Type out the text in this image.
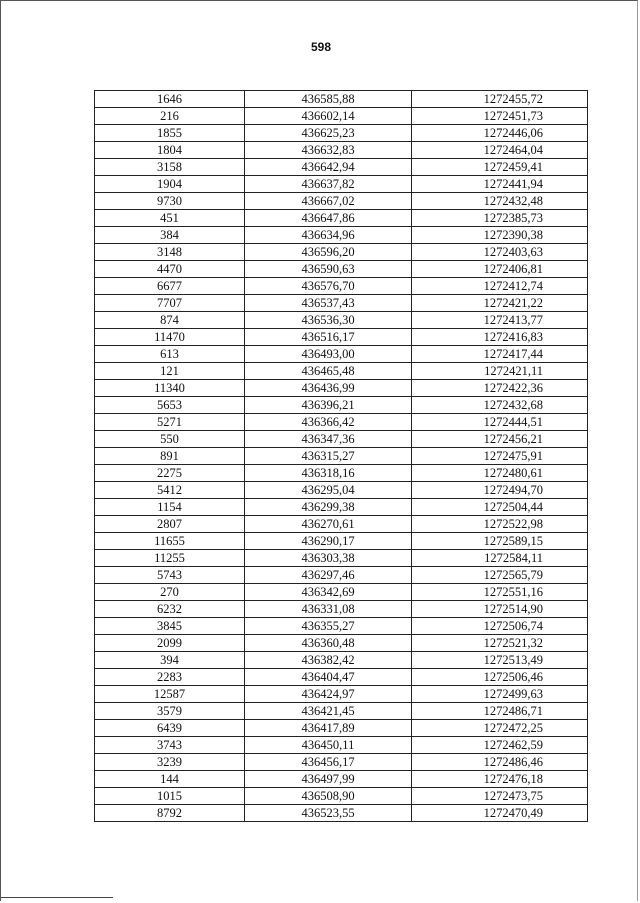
598
1646	436585,88	1272455,72
216	436602,14	1272451,73
1855	436625,23	1272446,06
1804	436632,83	1272464,04
3158	436642,94	1272459,41
1904	436637,82	1272441,94
9730	436667,02	1272432,48
451	436647,86	1272385,73
384	436634,96	1272390,38
3148	436596,20	1272403,63
4470	436590,63	1272406,81
6677	436576,70	1272412,74
7707	436537,43	1272421,22
874	436536,30	1272413,77
11470	436516,17	1272416,83
613	436493,00	1272417,44
121	436465,48	1272421,11
11340	436436,99	1272422,36
5653	436396,21	1272432,68
5271	436366,42	1272444,51
550	436347,36	1272456,21
891	436315,27	1272475,91
2275	436318,16	1272480,61
5412	436295,04	1272494,70
1154	436299,38	1272504,44
2807	436270,61	1272522,98
11655	436290,17	1272589,15
11255	436303,38	1272584,11
5743	436297,46	1272565,79
270	436342,69	1272551,16
6232	436331,08	1272514,90
3845	436355,27	1272506,74
2099	436360,48	1272521,32
394	436382,42	1272513,49
2283	436404,47	1272506,46
12587	436424,97	1272499,63
3579	436421,45	1272486,71
6439	436417,89	1272472,25
3743	436450,11	1272462,59
3239	436456,17	1272486,46
144	436497,99	1272476,18
1015	436508,90	1272473,75
8792	436523,55	1272470,49
